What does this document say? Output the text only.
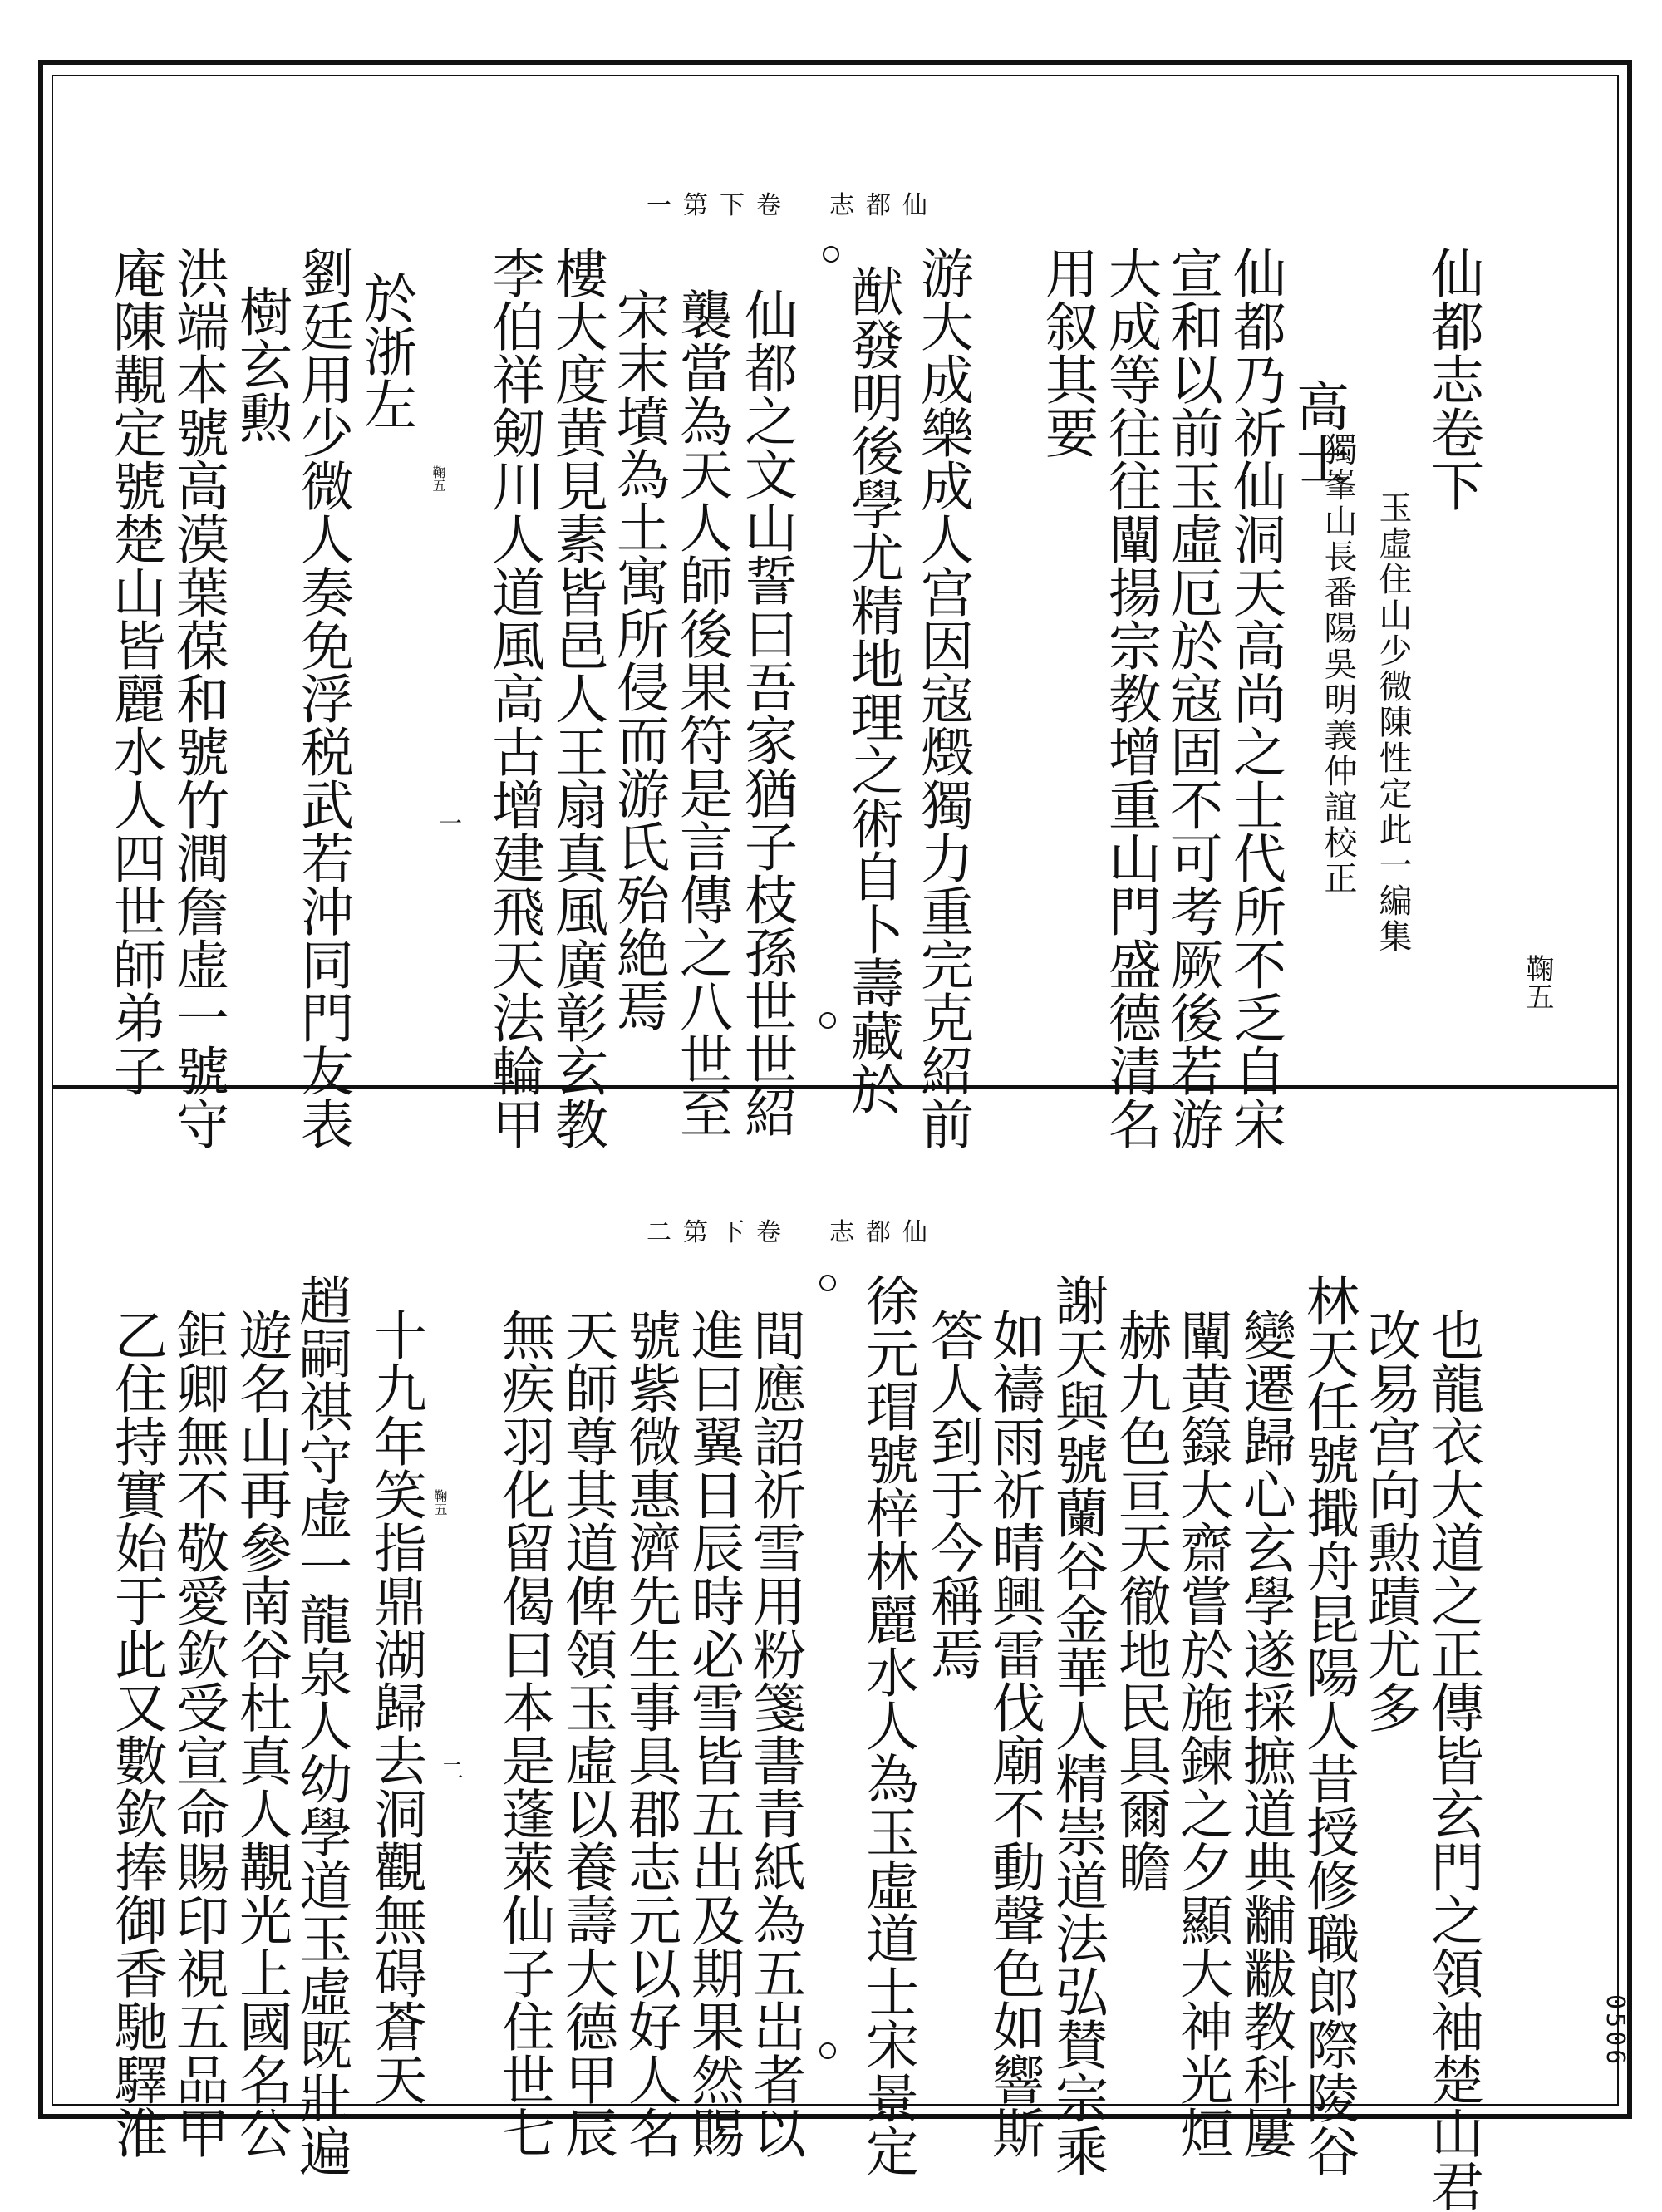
一第下卷　志都仙
鞠五
鞠五
一
仙都志卷下
玉虛住山少微陳性定此一編集
獨峯山長番陽吳明義仲誼校正
高士
仙都乃祈仙洞天高尚之士代所不乏自宋
宣和以前玉虛厄於寇固不可考厥後若游
大成等往往闡揚宗教增重山門盛德清名
用叙其要
游大成樂成人宫因寇燬獨力重完克紹前
猷發明後學尤精地理之術自卜壽藏於
仙都之文山誓曰吾家猶子枝孫世世紹
襲當為天人師後果符是言傳之八世至
宋末墳為土寓所侵而游氏殆絶焉
樓大度黄見素皆邑人王扇真風廣彰玄教
李伯祥剱川人道風高古增建飛天法輪甲
於浙左
劉廷用少微人奏免浮税武若沖同門友表
樹玄勲
洪端本號高漠葉葆和號竹澗詹虚一號守
庵陳覯定號楚山皆麗水人四世師弟子
二第下卷　志都仙
鞠五
二	也龍衣大道之正傳皆玄門之領袖楚山君
改易宫向勲蹟尤多
林天任號擑舟昆陽人昔授修職郎際陵谷
變遷歸心玄學遂採摭道典黼黻教科屢
闡黄籙大齋嘗於施鍊之夕顯大神光烜
赫九色亘天徹地民具爾瞻
謝天與號蘭谷金華人精崇道法弘賛宗乘
如禱雨祈晴興雷伐廟不動聲色如響斯
答人到于今稱焉
徐元瑁號梓林麗水人為玉虛道士宋景定
間應詔祈雪用粉箋書青紙為五岀者以
進曰翼日辰時必雪皆五出及期果然賜
號紫微惠濟先生事具郡志元以好人名
天師尊其道俾領玉虛以養壽大德甲辰
無疾羽化留偈曰本是蓬萊仙子住世七
十九年笑指鼎湖歸去洞觀無碍蒼天
趙嗣祺守虚一龍泉人幼學道玉虛既壯遍
遊名山再參南谷杜真人覯光上國名公
鉅卿無不敬愛欽受宣命賜印視五品甲
乙住持實始于此又數欽捧御香馳驛淮	0506
